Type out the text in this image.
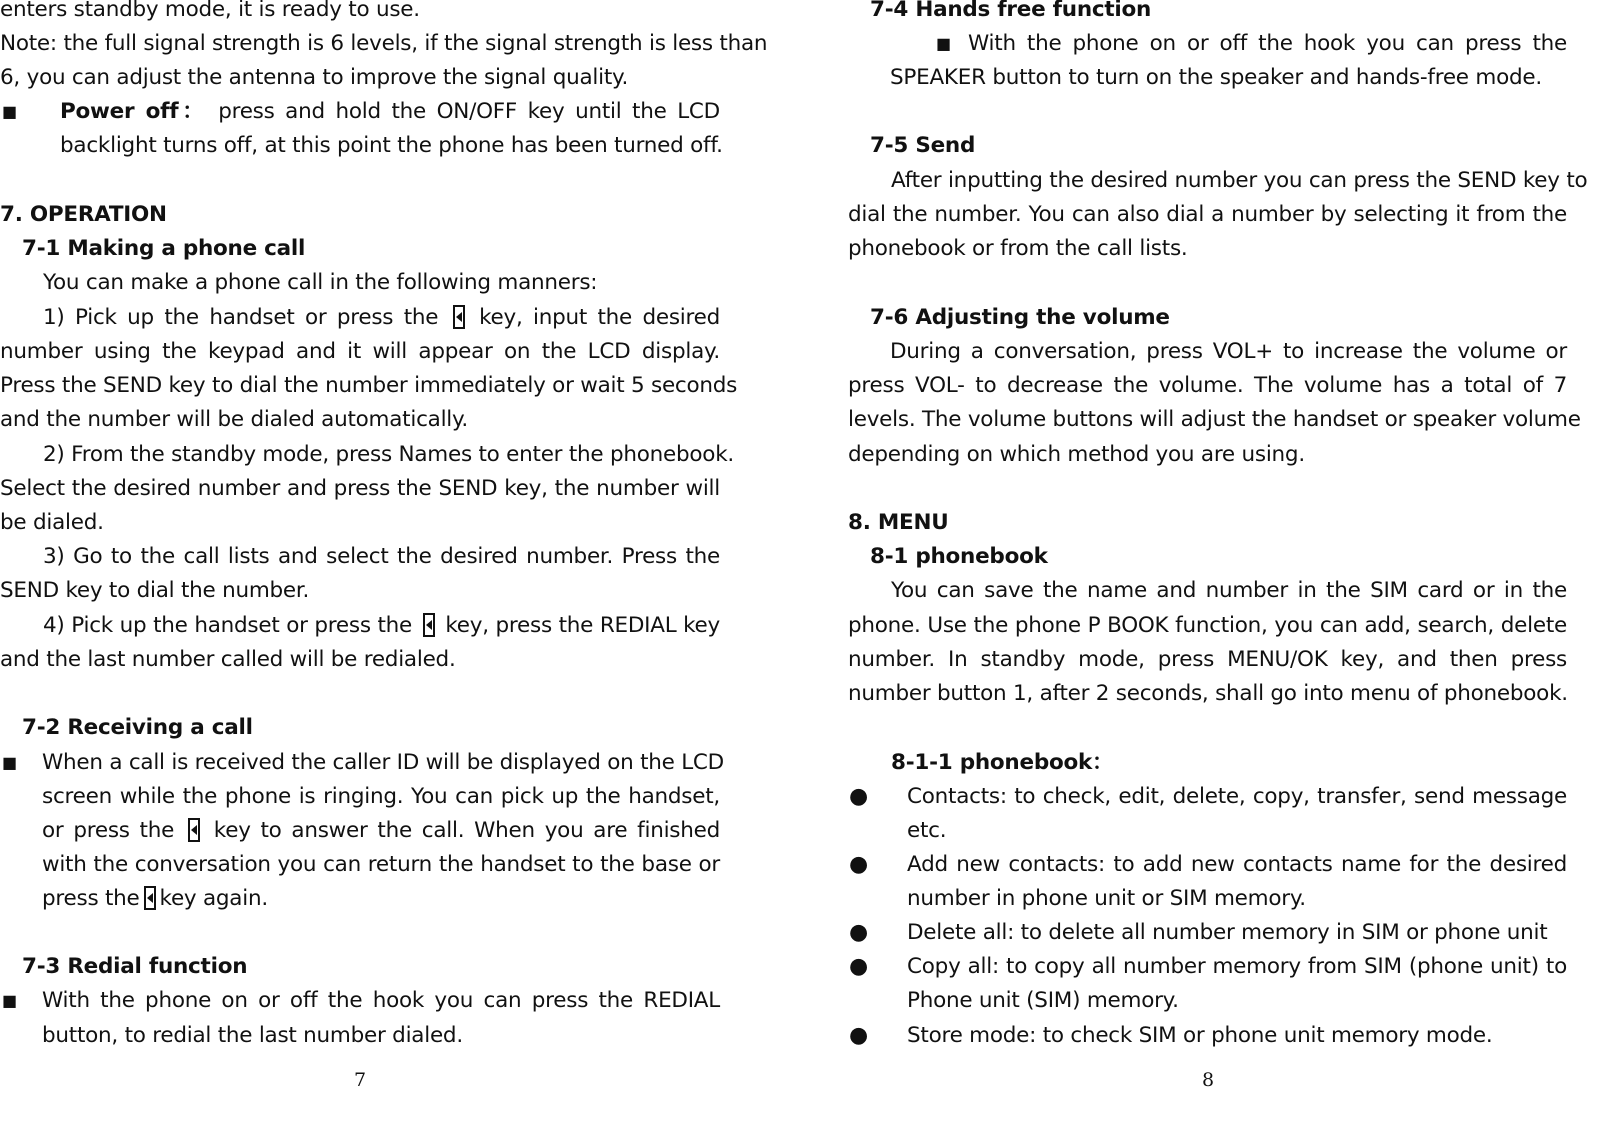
enters standby mode, it is ready to use.
Note: the full signal strength is 6 levels, if the signal strength is less than
6, you can adjust the antenna to improve the signal quality.
■ Power off： press and hold the ON/OFF key until the LCD
backlight turns off, at this point the phone has been turned off.
7. OPERATION
7-1 Making a phone call
You can make a phone call in the following manners:
1) Pick up the handset or press the key, input the desired
number using the keypad and it will appear on the LCD display.
Press the SEND key to dial the number immediately or wait 5 seconds
and the number will be dialed automatically.
2) From the standby mode, press Names to enter the phonebook.
Select the desired number and press the SEND key, the number will
be dialed.
3) Go to the call lists and select the desired number. Press the
SEND key to dial the number.
4) Pick up the handset or press the key, press the REDIAL key
and the last number called will be redialed.
7-2 Receiving a call
■ When a call is received the caller ID will be displayed on the LCD
screen while the phone is ringing. You can pick up the handset,
or press the key to answer the call. When you are finished
with the conversation you can return the handset to the base or
press the key again.
7-3 Redial function
■ With the phone on or off the hook you can press the REDIAL
button, to redial the last number dialed.
7
7-4 Hands free function
■ With the phone on or off the hook you can press the
SPEAKER button to turn on the speaker and hands-free mode.
7-5 Send
After inputting the desired number you can press the SEND key to
dial the number. You can also dial a number by selecting it from the
phonebook or from the call lists.
7-6 Adjusting the volume
During a conversation, press VOL+ to increase the volume or
press VOL- to decrease the volume. The volume has a total of 7
levels. The volume buttons will adjust the handset or speaker volume
depending on which method you are using.
8. MENU
8-1 phonebook
You can save the name and number in the SIM card or in the
phone. Use the phone P BOOK function, you can add, search, delete
number. In standby mode, press MENU/OK key, and then press
number button 1, after 2 seconds, shall go into menu of phonebook.
8-1-1 phonebook：
● Contacts: to check, edit, delete, copy, transfer, send message
etc.
● Add new contacts: to add new contacts name for the desired
number in phone unit or SIM memory.
● Delete all: to delete all number memory in SIM or phone unit
● Copy all: to copy all number memory from SIM (phone unit) to
Phone unit (SIM) memory.
● Store mode: to check SIM or phone unit memory mode.
8
